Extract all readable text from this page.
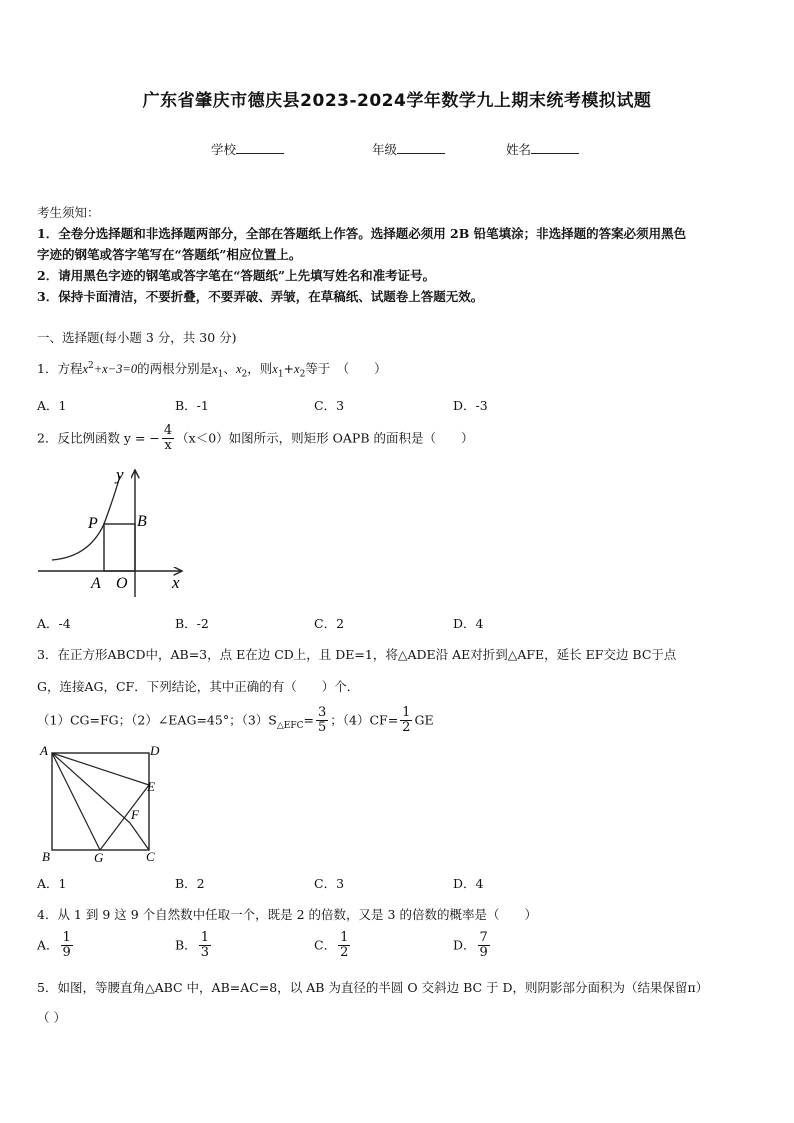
广东省肇庆市德庆县2023-2024学年数学九上期末统考模拟试题
学校	年级	姓名
考生须知：
1．全卷分选择题和非选择题两部分，全部在答题纸上作答。选择题必须用 2B 铅笔填涂；非选择题的答案必须用黑色
字迹的钢笔或答字笔写在“答题纸”相应位置上。
2．请用黑色字迹的钢笔或答字笔在“答题纸”上先填写姓名和准考证号。
3．保持卡面清洁，不要折叠，不要弄破、弄皱，在草稿纸、试题卷上答题无效。
一、选择题(每小题 3 分，共 30 分)
1．方程$x^2+x-3=0$的两根分别是$x_1$、$x_2$，则$x_1+x_2$等于　（　　）
A．1	B．-1	C．3	D．-3
2．反比例函数 y = − $\frac{4}{x} (x<0)$如图所示，则矩形 OAPB 的面积是（　　）
y
x
P B
A O
A．-4	B．-2	C．2	D．4
3．在正方形ABCD中，AB=3，点 E在边 CD上，且 DE=1，将△ADE沿 AE对折到△AFE，延长 EF交边 BC于点
G，连接AG，CF．下列结论，其中正确的有（　　）个．
（1）CG=FG；（2）∠EAG=45°；$(3)S_{\triangle EFC}= \frac{3}{5}$ ；$(4)CF= \frac{1}{2}$ GE
A	D
E
F
B	G	C
A．1	B．2	C．3	D．4
4．从 1 到 9 这 9 个自然数中任取一个，既是 2 的倍数，又是 3 的倍数的概率是（　　）
A． $\frac{1}{9}$	B． $\frac{1}{3}$	C． $\frac{1}{2}$	D． $\frac{7}{9}$
5．如图，等腰直角△ABC 中，AB=AC=8，以 AB 为直径的半圆 O 交斜边 BC 于 D，则阴影部分面积为（结果保留π）
（ ）
